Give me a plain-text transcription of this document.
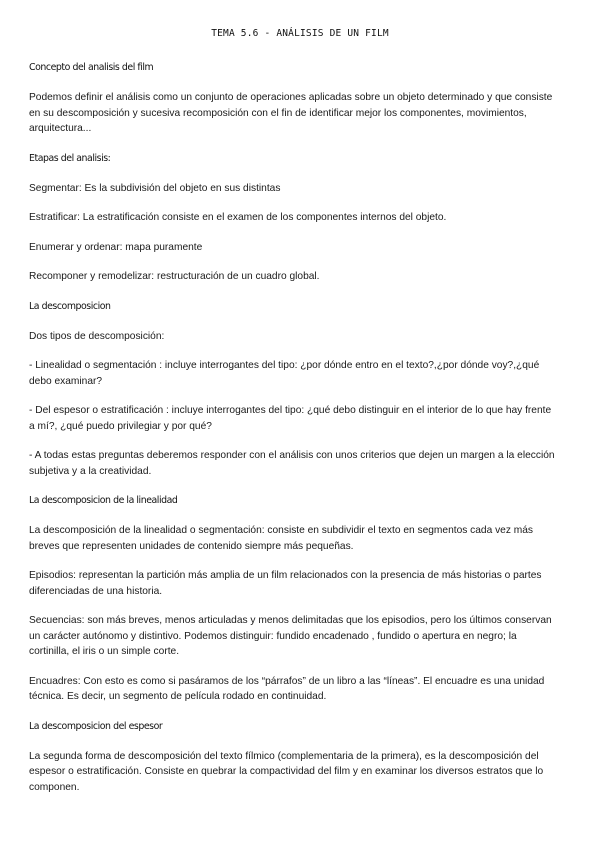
TEMA 5.6 - ANÁLISIS DE UN FILM

Concepto del analisis del film

Podemos definir el análisis como un conjunto de operaciones aplicadas sobre un objeto determinado y que consiste en su descomposición y sucesiva recomposición con el fin de identificar mejor los componentes, movimientos, arquitectura...

Etapas del analisis:

Segmentar: Es la subdivisión del objeto en sus distintas

Estratificar: La estratificación consiste en el examen de los componentes internos del objeto.

Enumerar y ordenar: mapa puramente

Recomponer y remodelizar: restructuración de un cuadro global.

La descomposicion

Dos tipos de descomposición:

- Linealidad o segmentación : incluye interrogantes del tipo: ¿por dónde entro en el texto?,¿por dónde voy?,¿qué debo examinar?

- Del espesor o estratificación : incluye interrogantes del tipo: ¿qué debo distinguir en el interior de lo que hay frente a mí?, ¿qué puedo privilegiar y por qué?

- A todas estas preguntas deberemos responder con el análisis con unos criterios que dejen un margen a la elección subjetiva y a la creatividad.

La descomposicion de la linealidad

La descomposición de la linealidad o segmentación: consiste en subdividir el texto en segmentos cada vez más breves que representen unidades de contenido siempre más pequeñas.

Episodios: representan la partición más amplia de un film relacionados con la presencia de más historias o partes diferenciadas de una historia.

Secuencias: son más breves, menos articuladas y menos delimitadas que los episodios, pero los últimos conservan un carácter autónomo y distintivo. Podemos distinguir: fundido encadenado , fundido o apertura en negro; la cortinilla, el iris o un simple corte.

Encuadres: Con esto es como si pasáramos de los “párrafos” de un libro a las “líneas”. El encuadre es una unidad técnica. Es decir, un segmento de película rodado en continuidad.

La descomposicion del espesor

La segunda forma de descomposición del texto fílmico (complementaria de la primera), es la descomposición del espesor o estratificación. Consiste en quebrar la compactividad del film y en examinar los diversos estratos que lo componen.
